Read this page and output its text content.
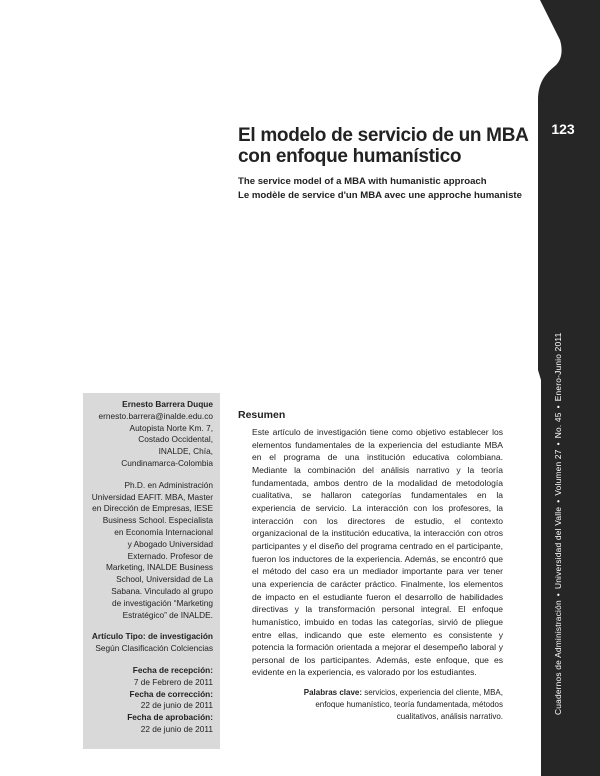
123
Cuadernos de Administración•Universidad del Valle•Volumen 27•No. 45•Enero-Junio 2011
El modelo de servicio de un MBA
con enfoque humanístico
The service model of a MBA with humanistic approach
Le modèle de service d'un MBA avec une approche humaniste
Ernesto Barrera Duque
ernesto.barrera@inalde.edu.co
Autopista Norte Km. 7,
Costado Occidental,
INALDE, Chía,
Cundinamarca-Colombia
Ph.D. en Administración
Universidad EAFIT. MBA, Master
en Dirección de Empresas, IESE
Business School. Especialista
en Economía Internacional
y Abogado Universidad
Externado. Profesor de
Marketing, INALDE Business
School, Universidad de La
Sabana. Vinculado al grupo
de investigación “Marketing
Estratégico” de INALDE.
Artículo Tipo: de investigación
Según Clasificación Colciencias
Fecha de recepción:
7 de Febrero de 2011
Fecha de corrección:
22 de junio de 2011
Fecha de aprobación:
22 de junio de 2011
Resumen
Este artículo de investigación tiene como objetivo establecer los elementos fundamentales de la experiencia del estudiante MBA en el programa de una institución educativa colombiana. Mediante la combinación del análisis narrativo y la teoría fundamentada, ambos dentro de la modalidad de metodología cualitativa, se hallaron categorías fundamentales en la experiencia de servicio. La interacción con los profesores, la interacción con los directores de estudio, el contexto organizacional de la institución educativa, la interacción con otros participantes y el diseño del programa centrado en el participante, fueron los inductores de la experiencia. Además, se encontró que el método del caso era un mediador importante para ver tener una experiencia de carácter práctico. Finalmente, los elementos de impacto en el estudiante fueron el desarrollo de habilidades directivas y la transformación personal integral. El enfoque humanístico, imbuido en todas las categorías, sirvió de pliegue entre ellas, indicando que este elemento es consistente y potencia la formación orientada a mejorar el desempeño laboral y personal de los participantes. Además, este enfoque, que es evidente en la experiencia, es valorado por los estudiantes.
Palabras clave: servicios, experiencia del cliente, MBA, enfoque humanístico, teoría fundamentada, métodos cualitativos, análisis narrativo.
